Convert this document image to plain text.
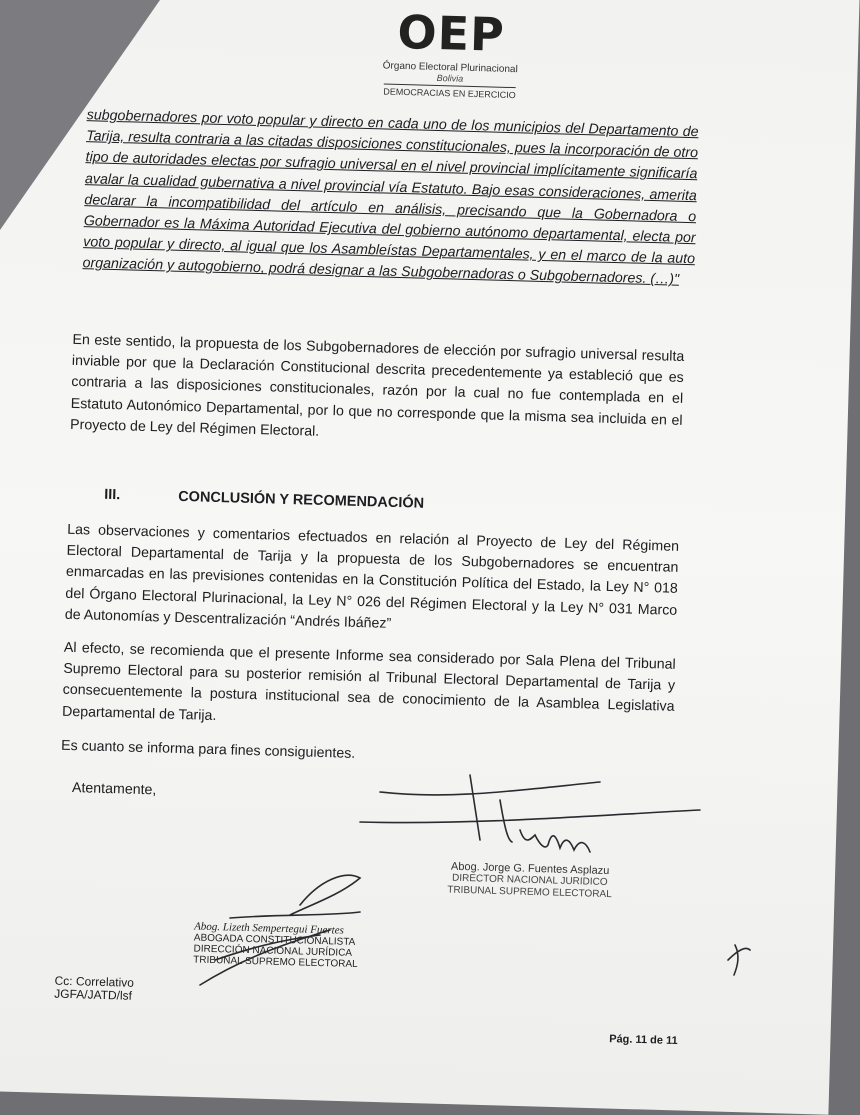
OEP
Órgano Electoral Plurinacional
Bolivia
DEMOCRACIAS EN EJERCICIO
subgobernadores por voto popular y directo en cada uno de los municipios del Departamento de Tarija, resulta contraria a las citadas disposiciones constitucionales, pues la incorporación de otro tipo de autoridades electas por sufragio universal en el nivel provincial implícitamente significaría avalar la cualidad gubernativa a nivel provincial vía Estatuto. Bajo esas consideraciones, amerita declarar la incompatibilidad del artículo en análisis, precisando que la Gobernadora o Gobernador es la Máxima Autoridad Ejecutiva del gobierno autónomo departamental, electa por voto popular y directo, al igual que los Asambleístas Departamentales, y en el marco de la auto organización y autogobierno, podrá designar a las Subgobernadoras o Subgobernadores. (…)"
En este sentido, la propuesta de los Subgobernadores de elección por sufragio universal resulta inviable por que la Declaración Constitucional descrita precedentemente ya estableció que es contraria a las disposiciones constitucionales, razón por la cual no fue contemplada en el Estatuto Autonómico Departamental, por lo que no corresponde que la misma sea incluida en el Proyecto de Ley del Régimen Electoral.
III.	CONCLUSIÓN Y RECOMENDACIÓN
Las observaciones y comentarios efectuados en relación al Proyecto de Ley del Régimen Electoral Departamental de Tarija y la propuesta de los Subgobernadores se encuentran enmarcadas en las previsiones contenidas en la Constitución Política del Estado, la Ley N° 018 del Órgano Electoral Plurinacional, la Ley N° 026 del Régimen Electoral y la Ley N° 031 Marco de Autonomías y Descentralización “Andrés Ibáñez”
Al efecto, se recomienda que el presente Informe sea considerado por Sala Plena del Tribunal Supremo Electoral para su posterior remisión al Tribunal Electoral Departamental de Tarija y consecuentemente la postura institucional sea de conocimiento de la Asamblea Legislativa Departamental de Tarija.
Es cuanto se informa para fines consiguientes.
Atentamente,
Abog. Jorge G. Fuentes Asplazu
DIRECTOR NACIONAL JURIDICO
TRIBUNAL SUPREMO ELECTORAL
Abog. Lizeth Sempertegui Fuertes
ABOGADA CONSTITUCIONALISTA
DIRECCIÓN NACIONAL JURÍDICA
TRIBUNAL SUPREMO ELECTORAL
Cc: Correlativo
JGFA/JATD/lsf
Pág. 11 de 11
